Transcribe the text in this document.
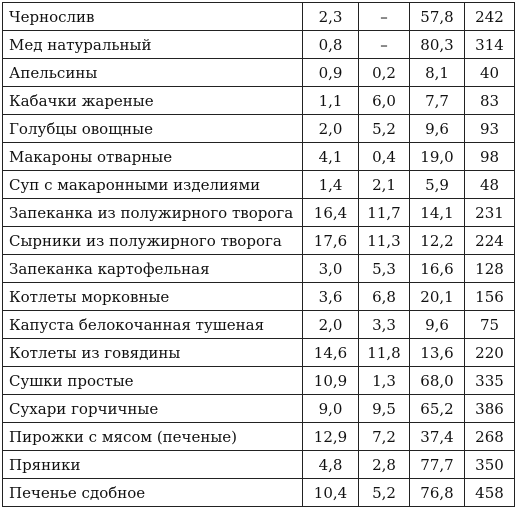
Чернослив	2,3	–	57,8	242
Мед натуральный	0,8	–	80,3	314
Апельсины	0,9	0,2	8,1	40
Кабачки жареные	1,1	6,0	7,7	83
Голубцы овощные	2,0	5,2	9,6	93
Макароны отварные	4,1	0,4	19,0	98
Суп с макаронными изделиями	1,4	2,1	5,9	48
Запеканка из полужирного творога	16,4	11,7	14,1	231
Сырники из полужирного творога	17,6	11,3	12,2	224
Запеканка картофельная	3,0	5,3	16,6	128
Котлеты морковные	3,6	6,8	20,1	156
Капуста белокочанная тушеная	2,0	3,3	9,6	75
Котлеты из говядины	14,6	11,8	13,6	220
Сушки простые	10,9	1,3	68,0	335
Сухари горчичные	9,0	9,5	65,2	386
Пирожки с мясом (печеные)	12,9	7,2	37,4	268
Пряники	4,8	2,8	77,7	350
Печенье сдобное	10,4	5,2	76,8	458
